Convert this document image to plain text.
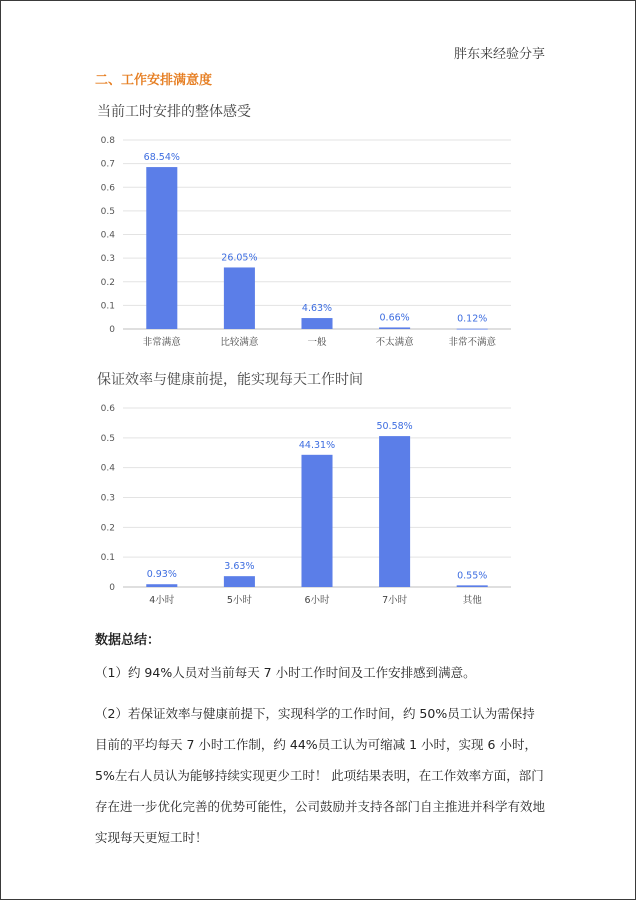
胖东来经验分享
二、工作安排满意度
当前工时安排的整体感受
0
0.1
0.2
0.3
0.4
0.5
0.6
0.7
0.8
68.54%
非常满意
26.05%
比较满意
4.63%
一般
0.66%
不太满意
0.12%
非常不满意
保证效率与健康前提，能实现每天工作时间
0
0.1
0.2
0.3
0.4
0.5
0.6
0.93%
4小时
3.63%
5小时
44.31%
6小时
50.58%
7小时
0.55%
其他
数据总结：

（1）约 94%人员对当前每天 7 小时工作时间及工作安排感到满意。

（2）若保证效率与健康前提下，实现科学的工作时间，约 50%员工认为需保持目前的平均每天 7 小时工作制，约 44%员工认为可缩减 1 小时，实现 6 小时，5%左右人员认为能够持续实现更少工时！ 此项结果表明，在工作效率方面，部门存在进一步优化完善的优势可能性，公司鼓励并支持各部门自主推进并科学有效地实现每天更短工时！
